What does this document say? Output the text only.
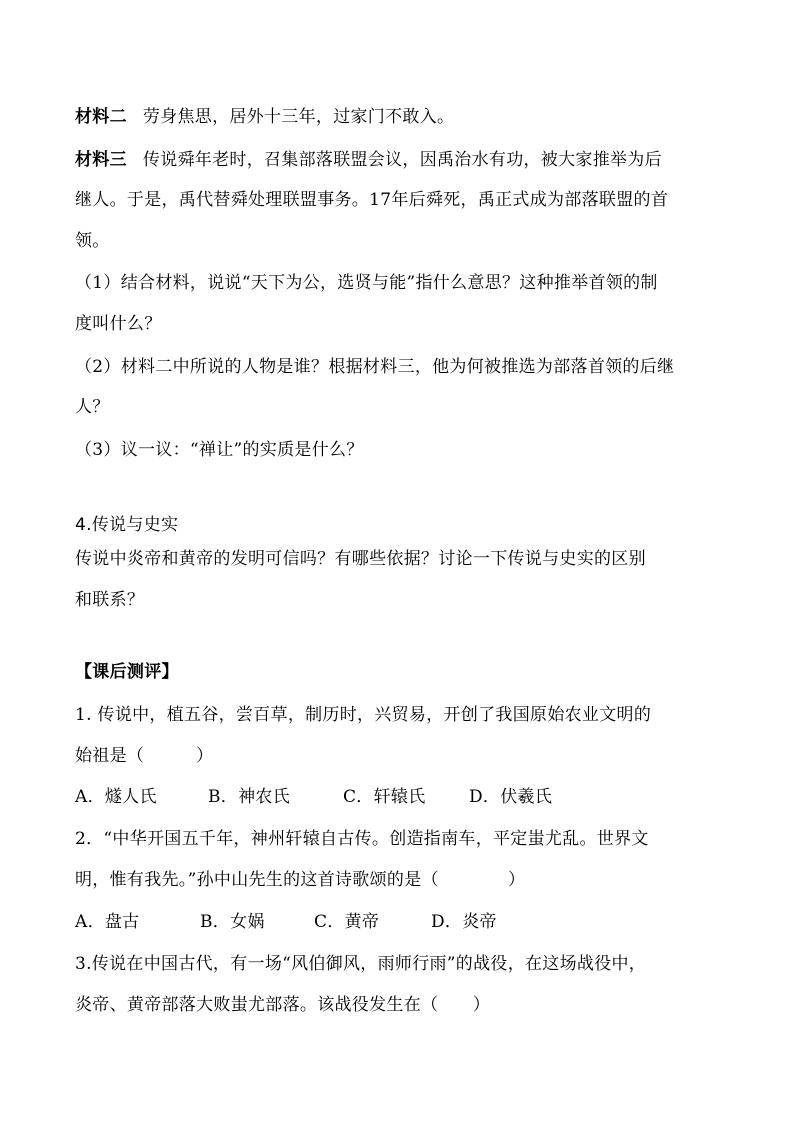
材料二 劳身焦思，居外十三年，过家门不敢入。
材料三 传说舜年老时，召集部落联盟会议，因禹治水有功，被大家推举为后
继人。于是，禹代替舜处理联盟事务。17年后舜死，禹正式成为部落联盟的首
领。
（1）结合材料，说说“天下为公，选贤与能”指什么意思？这种推举首领的制
度叫什么？
（2）材料二中所说的人物是谁？根据材料三，他为何被推选为部落首领的后继
人？
（3）议一议：“禅让”的实质是什么？
4.传说与史实
传说中炎帝和黄帝的发明可信吗？有哪些依据？讨论一下传说与史实的区别
和联系？
【课后测评】
1. 传说中，植五谷，尝百草，制历时，兴贸易，开创了我国原始农业文明的
始祖是（　　　）
A．燧人氏	B．神农氏	C．轩辕氏	D．伏羲氏
2．“中华开国五千年，神州轩辕自古传。创造指南车，平定蚩尤乱。世界文
明，惟有我先。”孙中山先生的这首诗歌颂的是（　　　　）
A．盘古	B．女娲	C．黄帝	D．炎帝
3.传说在中国古代，有一场“风伯御风，雨师行雨”的战役，在这场战役中，
炎帝、黄帝部落大败蚩尤部落。该战役发生在（　　）
